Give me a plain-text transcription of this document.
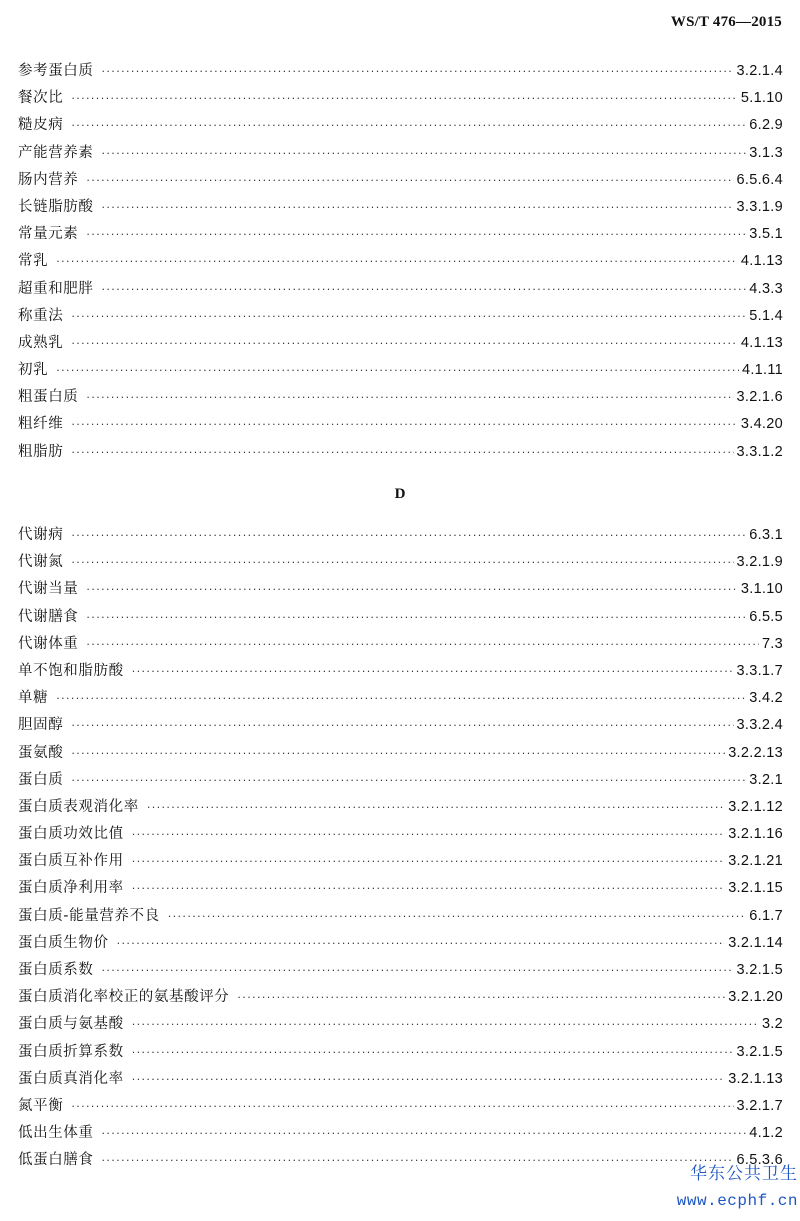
WS/T 476—2015
参考蛋白质 ·····	3.2.1.4
餐次比 ·····	5.1.10
糙皮病 ·····	6.2.9
产能营养素 ·····	3.1.3
肠内营养 ·····	6.5.6.4
长链脂肪酸 ·····	3.3.1.9
常量元素 ·····	3.5.1
常乳 ·····	4.1.13
超重和肥胖 ·····	4.3.3
称重法 ·····	5.1.4
成熟乳 ·····	4.1.13
初乳 ·····	4.1.11
粗蛋白质 ·····	3.2.1.6
粗纤维 ·····	3.4.20
粗脂肪 ·····	3.3.1.2
D
代谢病 ·····	6.3.1
代谢氮 ·····	3.2.1.9
代谢当量 ·····	3.1.10
代谢膳食 ·····	6.5.5
代谢体重 ·····	7.3
单不饱和脂肪酸 ·····	3.3.1.7
单糖 ·····	3.4.2
胆固醇 ·····	3.3.2.4
蛋氨酸 ·····	3.2.2.13
蛋白质 ·····	3.2.1
蛋白质表观消化率 ·····	3.2.1.12
蛋白质功效比值 ·····	3.2.1.16
蛋白质互补作用 ·····	3.2.1.21
蛋白质净利用率 ·····	3.2.1.15
蛋白质-能量营养不良 ·····	6.1.7
蛋白质生物价 ·····	3.2.1.14
蛋白质系数 ·····	3.2.1.5
蛋白质消化率校正的氨基酸评分 ·····	3.2.1.20
蛋白质与氨基酸 ·····	3.2
蛋白质折算系数 ·····	3.2.1.5
蛋白质真消化率 ·····	3.2.1.13
氮平衡 ·····	3.2.1.7
低出生体重 ·····	4.1.2
低蛋白膳食 ·····	6.5.3.6
华东公共卫生
www.ecphf.cn
